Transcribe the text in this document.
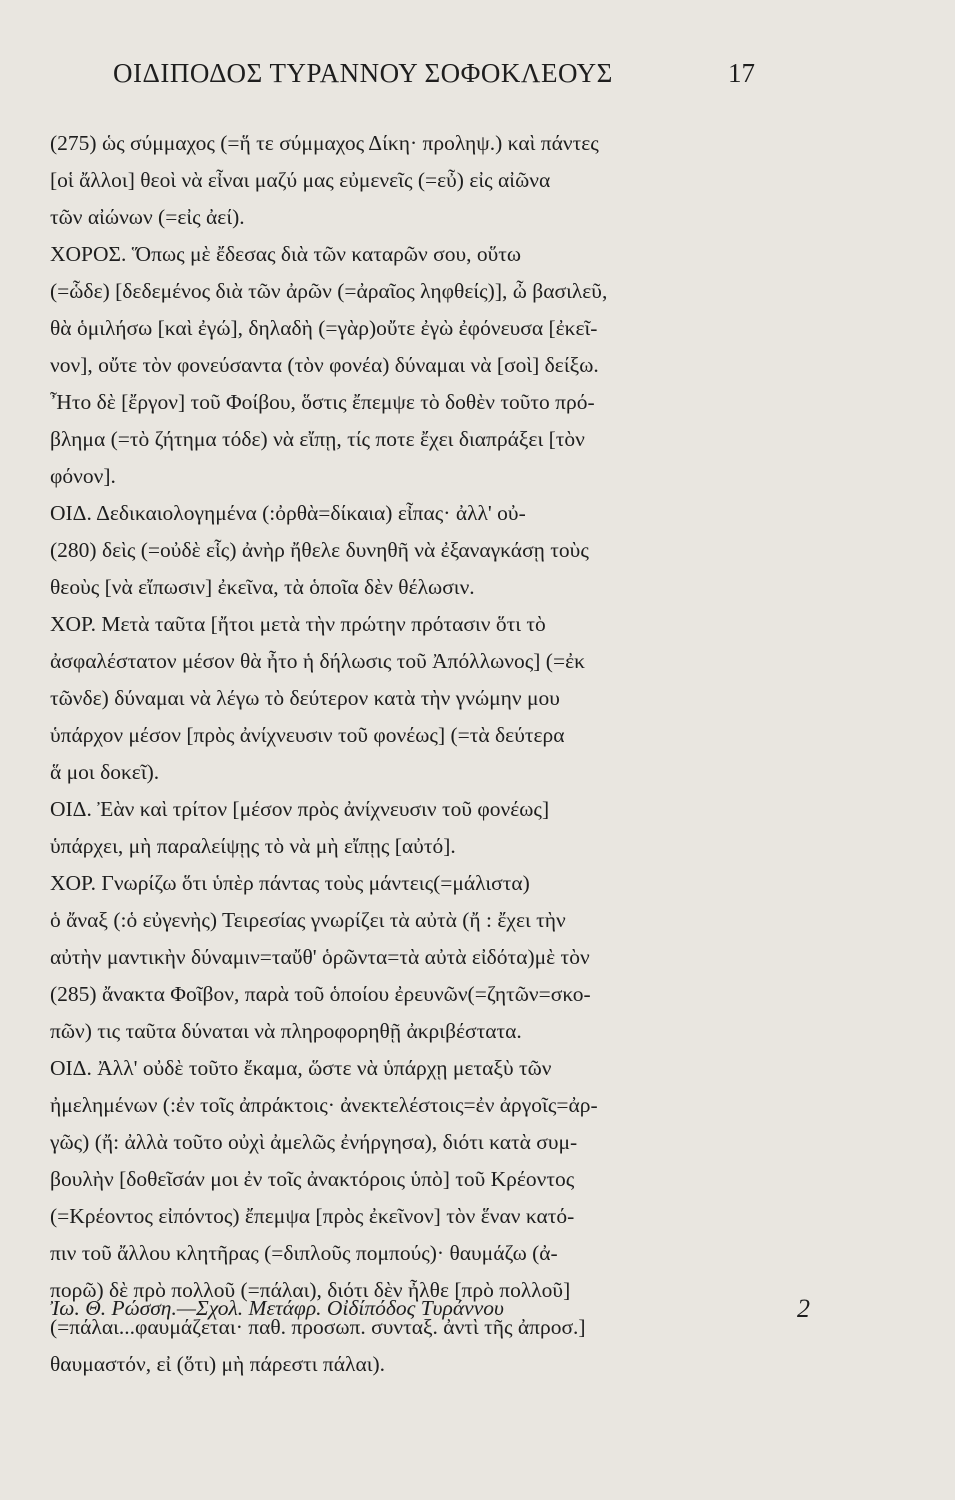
ΟΙΔΙΠΟΔΟΣ ΤΥΡΑΝΝΟΥ ΣΟΦΟΚΛΕΟΥΣ	17
(275) ὡς σύμμαχος (=ἥ τε σύμμαχος Δίκη· προληψ.) καὶ πάντες
[οἱ ἄλλοι] θεοὶ νὰ εἶναι μαζύ μας εὐμενεῖς (=εὖ) εἰς αἰῶνα
τῶν αἰώνων (=εἰς ἀεί).
ΧΟΡΟΣ. Ὅπως μὲ ἔδεσας διὰ τῶν καταρῶν σου, οὕτω
(=ὧδε) [δεδεμένος διὰ τῶν ἀρῶν (=ἀραῖος ληφθείς)], ὦ βασιλεῦ,
θὰ ὁμιλήσω [καὶ ἐγώ], δηλαδὴ (=γὰρ)οὔτε ἐγὼ ἐφόνευσα [ἐκεῖ-
νον], οὔτε τὸν φονεύσαντα (τὸν φονέα) δύναμαι νὰ [σοὶ] δείξω.
Ἦτο δὲ [ἔργον] τοῦ Φοίβου, ὅστις ἔπεμψε τὸ δοθὲν τοῦτο πρό-
βλημα (=τὸ ζήτημα τόδε) νὰ εἴπῃ, τίς ποτε ἔχει διαπράξει [τὸν
φόνον].
ΟΙΔ. Δεδικαιολογημένα (:ὀρθὰ=δίκαια) εἶπας· ἀλλ' οὐ-
(280) δεὶς (=οὐδὲ εἷς) ἀνὴρ ἤθελε δυνηθῆ νὰ ἐξαναγκάσῃ τοὺς
θεοὺς [νὰ εἴπωσιν] ἐκεῖνα, τὰ ὁποῖα δὲν θέλωσιν.
ΧΟΡ. Μετὰ ταῦτα [ἤτοι μετὰ τὴν πρώτην πρότασιν ὅτι τὸ
ἀσφαλέστατον μέσον θὰ ἦτο ἡ δήλωσις τοῦ Ἀπόλλωνος] (=ἐκ
τῶνδε) δύναμαι νὰ λέγω τὸ δεύτερον κατὰ τὴν γνώμην μου
ὑπάρχον μέσον [πρὸς ἀνίχνευσιν τοῦ φονέως] (=τὰ δεύτερα
ἅ μοι δοκεῖ).
ΟΙΔ. Ἐὰν καὶ τρίτον [μέσον πρὸς ἀνίχνευσιν τοῦ φονέως]
ὑπάρχει, μὴ παραλείψῃς τὸ νὰ μὴ εἴπῃς [αὐτό].
ΧΟΡ. Γνωρίζω ὅτι ὑπὲρ πάντας τοὺς μάντεις(=μάλιστα)
ὁ ἄναξ (:ὁ εὐγενὴς) Τειρεσίας γνωρίζει τὰ αὐτὰ (ἤ : ἔχει τὴν
αὐτὴν μαντικὴν δύναμιν=ταὔθ' ὁρῶντα=τὰ αὐτὰ εἰδότα)μὲ τὸν
(285) ἄνακτα Φοῖβον, παρὰ τοῦ ὁποίου ἐρευνῶν(=ζητῶν=σκο-
πῶν) τις ταῦτα δύναται νὰ πληροφορηθῇ ἀκριβέστατα.
ΟΙΔ. Ἀλλ' οὐδὲ τοῦτο ἔκαμα, ὥστε νὰ ὑπάρχῃ μεταξὺ τῶν
ἠμελημένων (:ἐν τοῖς ἀπράκτοις· ἀνεκτελέστοις=ἐν ἀργοῖς=ἀρ-
γῶς) (ἤ: ἀλλὰ τοῦτο οὐχὶ ἀμελῶς ἐνήργησα), διότι κατὰ συμ-
βουλὴν [δοθεῖσάν μοι ἐν τοῖς ἀνακτόροις ὑπὸ] τοῦ Κρέοντος
(=Κρέοντος εἰπόντος) ἔπεμψα [πρὸς ἐκεῖνον] τὸν ἕναν κατό-
πιν τοῦ ἄλλου κλητῆρας (=διπλοῦς πομπούς)· θαυμάζω (ἀ-
πορῶ) δὲ πρὸ πολλοῦ (=πάλαι), διότι δὲν ἦλθε [πρὸ πολλοῦ]
(=πάλαι...φαυμάζεται· παθ. προσωπ. συνταξ. ἀντὶ τῆς ἀπροσ.]
θαυμαστόν, εἰ (ὅτι) μὴ πάρεστι πάλαι).
Ἰω. Θ. Ρώσση.—Σχολ. Μετάφρ. Οἰδίπόδος Τυράννου	2
